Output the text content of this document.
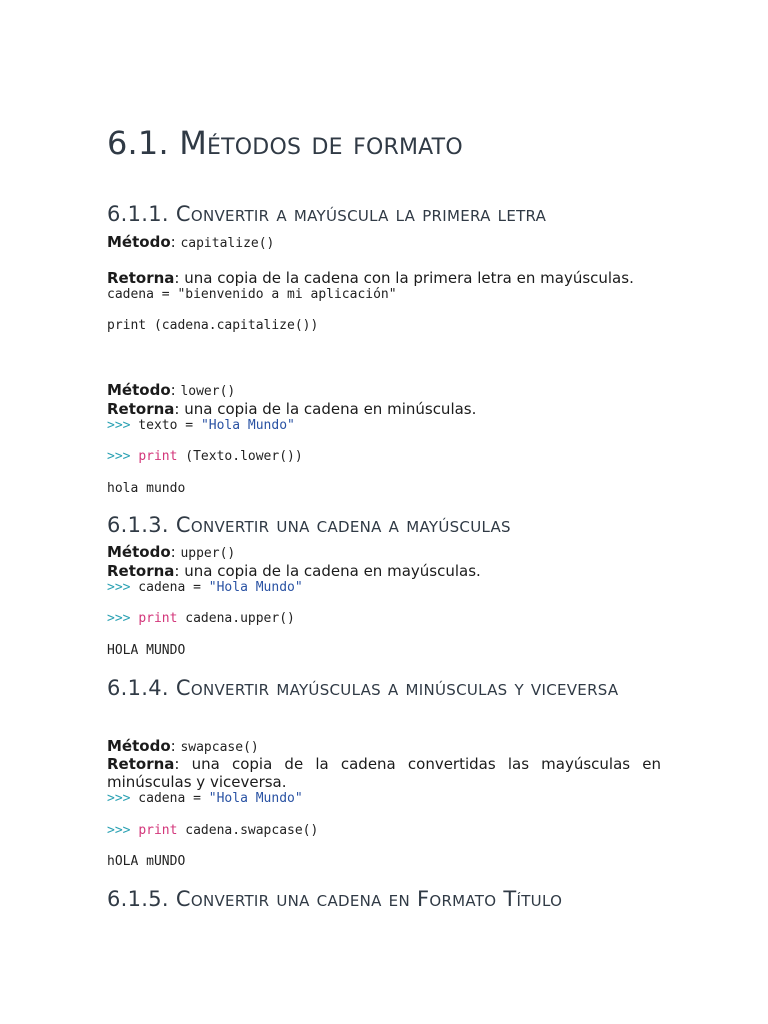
6.1. Métodos de formato
6.1.1. Convertir a mayúscula la primera letra

Método: capitalize()

Retorna: una copia de la cadena con la primera letra en mayúsculas.

cadena = "bienvenido a mi aplicación"
print (cadena.capitalize())

Método: lower()

Retorna: una copia de la cadena en minúsculas.

>>> texto = "Hola Mundo"
>>> print (Texto.lower())
hola mundo
6.1.3. Convertir una cadena a mayúsculas

Método: upper()

Retorna: una copia de la cadena en mayúsculas.

>>> cadena = "Hola Mundo"
>>> print cadena.upper()
HOLA MUNDO
6.1.4. Convertir mayúsculas a minúsculas y viceversa

Método: swapcase()

Retorna: una copia de la cadena convertidas las mayúsculas en minúsculas y viceversa.

>>> cadena = "Hola Mundo"
>>> print cadena.swapcase()
hOLA mUNDO
6.1.5. Convertir una cadena en Formato Título
